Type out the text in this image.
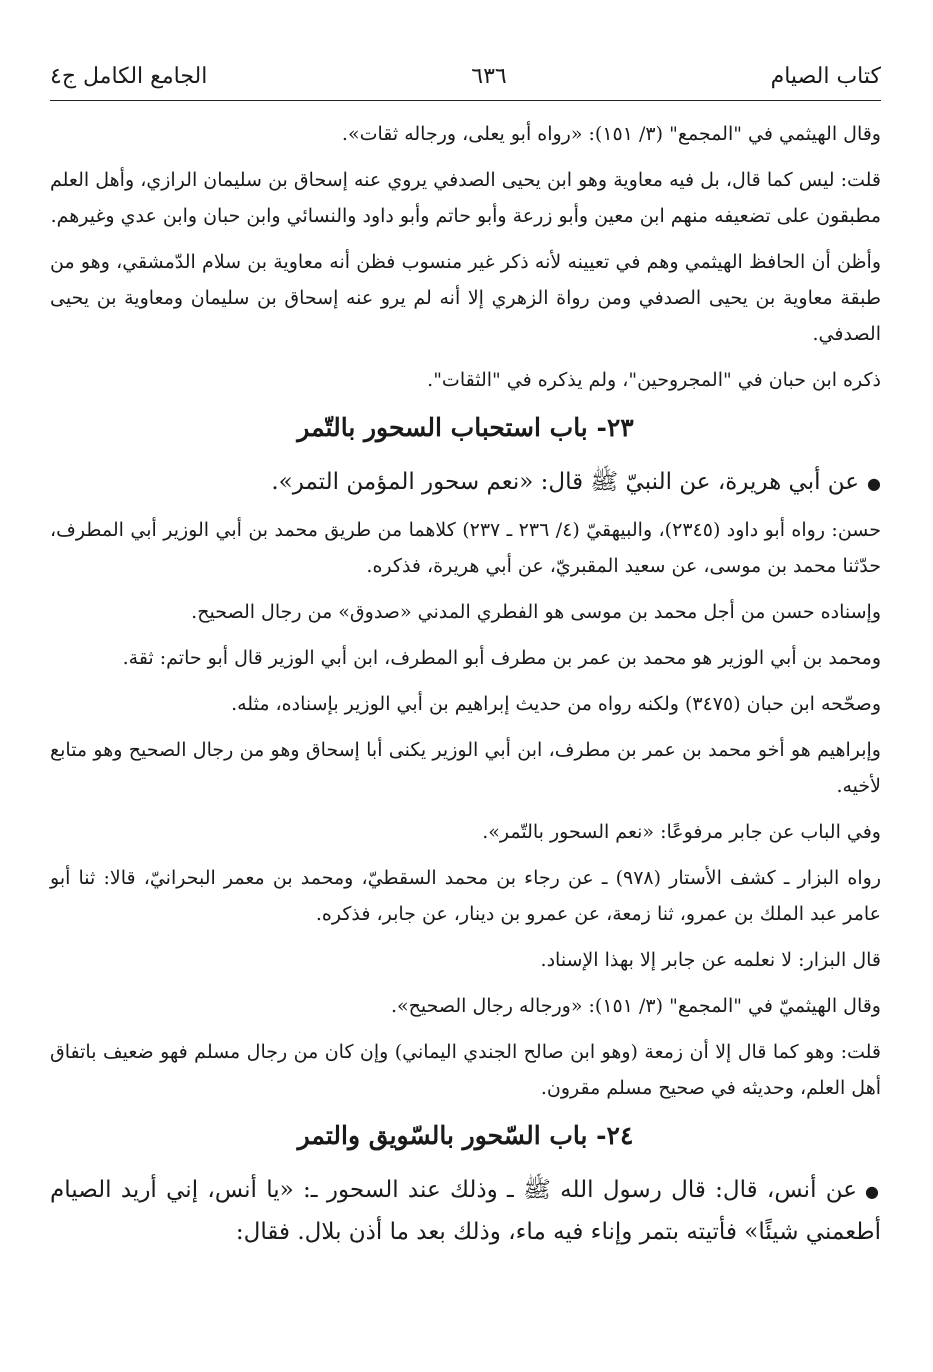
كتاب الصيام
٦٣٦
الجامع الكامل ج٤

وقال الهيثمي في "المجمع" (٣/ ١٥١): «رواه أبو يعلى، ورجاله ثقات».

قلت: ليس كما قال، بل فيه معاوية وهو ابن يحيى الصدفي يروي عنه إسحاق بن سليمان الرازي، وأهل العلم مطبقون على تضعيفه منهم ابن معين وأبو زرعة وأبو حاتم وأبو داود والنسائي وابن حبان وابن عدي وغيرهم.

وأظن أن الحافظ الهيثمي وهم في تعيينه لأنه ذكر غير منسوب فظن أنه معاوية بن سلام الدّمشقي، وهو من طبقة معاوية بن يحيى الصدفي ومن رواة الزهري إلا أنه لم يرو عنه إسحاق بن سليمان ومعاوية بن يحيى الصدفي.

ذكره ابن حبان في "المجروحين"، ولم يذكره في "الثقات".

٢٣- باب استحباب السحور بالتّمر

●عن أبي هريرة، عن النبيّ ﷺ قال: «نعم سحور المؤمن التمر».

حسن: رواه أبو داود (٢٣٤٥)، والبيهقيّ (٤/ ٢٣٦ ـ ٢٣٧) كلاهما من طريق محمد بن أبي الوزير أبي المطرف، حدّثنا محمد بن موسى، عن سعيد المقبريّ، عن أبي هريرة، فذكره.

وإسناده حسن من أجل محمد بن موسى هو الفطري المدني «صدوق» من رجال الصحيح.

ومحمد بن أبي الوزير هو محمد بن عمر بن مطرف أبو المطرف، ابن أبي الوزير قال أبو حاتم: ثقة.

وصحّحه ابن حبان (٣٤٧٥) ولكنه رواه من حديث إبراهيم بن أبي الوزير بإسناده، مثله.

وإبراهيم هو أخو محمد بن عمر بن مطرف، ابن أبي الوزير يكنى أبا إسحاق وهو من رجال الصحيح وهو متابع لأخيه.

وفي الباب عن جابر مرفوعًا: «نعم السحور بالتّمر».

رواه البزار ـ كشف الأستار (٩٧٨) ـ عن رجاء بن محمد السقطيّ، ومحمد بن معمر البحرانيّ، قالا: ثنا أبو عامر عبد الملك بن عمرو، ثنا زمعة، عن عمرو بن دينار، عن جابر، فذكره.

قال البزار: لا نعلمه عن جابر إلا بهذا الإسناد.

وقال الهيثميّ في "المجمع" (٣/ ١٥١): «ورجاله رجال الصحيح».

قلت: وهو كما قال إلا أن زمعة (وهو ابن صالح الجندي اليماني) وإن كان من رجال مسلم فهو ضعيف باتفاق أهل العلم، وحديثه في صحيح مسلم مقرون.

٢٤- باب السّحور بالسّويق والتمر

●عن أنس، قال: قال رسول الله ﷺ ـ وذلك عند السحور ـ: «يا أنس، إني أريد الصيام أطعمني شيئًا» فأتيته بتمر وإناء فيه ماء، وذلك بعد ما أذن بلال. فقال:
